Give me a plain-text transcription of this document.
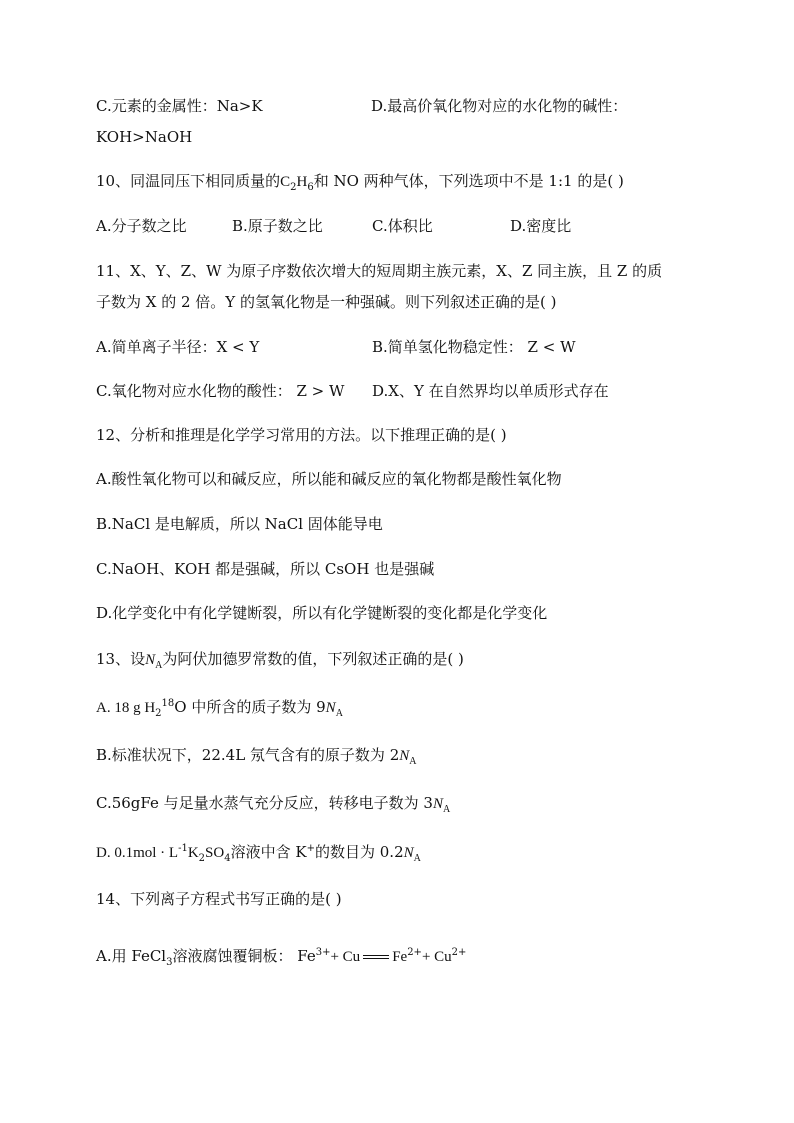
C.元素的金属性：Na>K	D.最高价氧化物对应的水化物的碱性：
KOH>NaOH
10、同温同压下相同质量的$C_2H_6$和 NO 两种气体，下列选项中不是 1:1 的是( )
A.分子数之比	B.原子数之比	C.体积比	D.密度比
11、X、Y、Z、W 为原子序数依次增大的短周期主族元素，X、Z 同主族，且 Z 的质
子数为 X 的 2 倍。Y 的氢氧化物是一种强碱。则下列叙述正确的是( )
A.简单离子半径：X < Y	B.简单氢化物稳定性： Z < W
C.氧化物对应水化物的酸性： Z > W D.X、Y 在自然界均以单质形式存在
12、分析和推理是化学学习常用的方法。以下推理正确的是( )
A.酸性氧化物可以和碱反应，所以能和碱反应的氧化物都是酸性氧化物
B.NaCl 是电解质，所以 NaCl 固体能导电
C.NaOH、KOH 都是强碱，所以 CsOH 也是强碱
D.化学变化中有化学键断裂，所以有化学键断裂的变化都是化学变化
13、设$N_A$为阿伏加德罗常数的值，下列叙述正确的是( )
A. 18 g $H_2^{18}O$ 中所含的质子数为 $9N_A$
B.标准状况下，22.4L 氖气含有的原子数为 $2N_A$
C.56gFe 与足量水蒸气充分反应，转移电子数为 $3N_A$
D. $0.1mol \cdot L^{-1}K_2SO_4$溶液中含 K+的数目为 $0.2N_A$
14、下列离子方程式书写正确的是( )
A.用 FeCl$_3$溶液腐蚀覆铜板： $Fe^{3+}+ Cu$ $Fe^{2+}+ Cu^{2+}$
